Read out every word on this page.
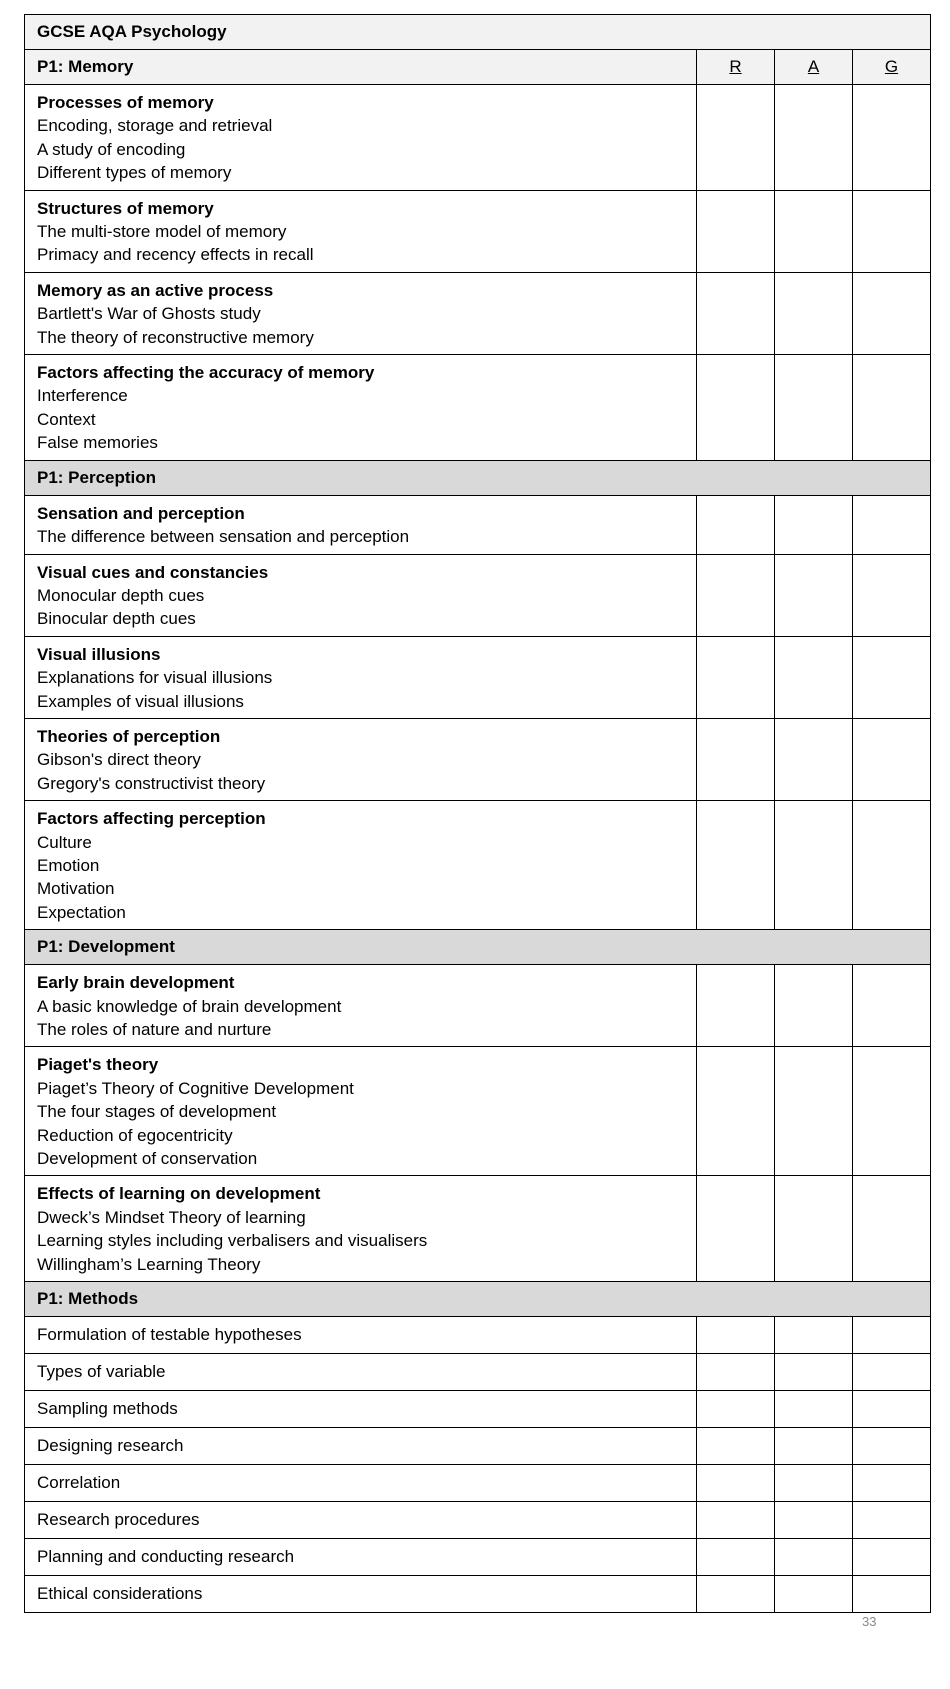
GCSE AQA Psychology			
P1: Memory	R	A	G

Processes of memory
Encoding, storage and retrieval
A study of encoding
Different types of memory			

Structures of memory
The multi-store model of memory
Primacy and recency effects in recall			

Memory as an active process
Bartlett's War of Ghosts study
The theory of reconstructive memory			

Factors affecting the accuracy of memory
Interference
Context
False memories			

P1: Perception			

Sensation and perception
The difference between sensation and perception			

Visual cues and constancies
Monocular depth cues
Binocular depth cues			

Visual illusions
Explanations for visual illusions
Examples of visual illusions			

Theories of perception
Gibson's direct theory
Gregory's constructivist theory			

Factors affecting perception
Culture
Emotion
Motivation
Expectation			

P1: Development			

Early brain development
A basic knowledge of brain development
The roles of nature and nurture			

Piaget's theory
Piaget’s Theory of Cognitive Development
The four stages of development
Reduction of egocentricity
Development of conservation			

Effects of learning on development
Dweck’s Mindset Theory of learning
Learning styles including verbalisers and visualisers
Willingham’s Learning Theory			

P1: Methods			
Formulation of testable hypotheses			
Types of variable			
Sampling methods			
Designing research			
Correlation			
Research procedures			
Planning and conducting research			
Ethical considerations			
33
